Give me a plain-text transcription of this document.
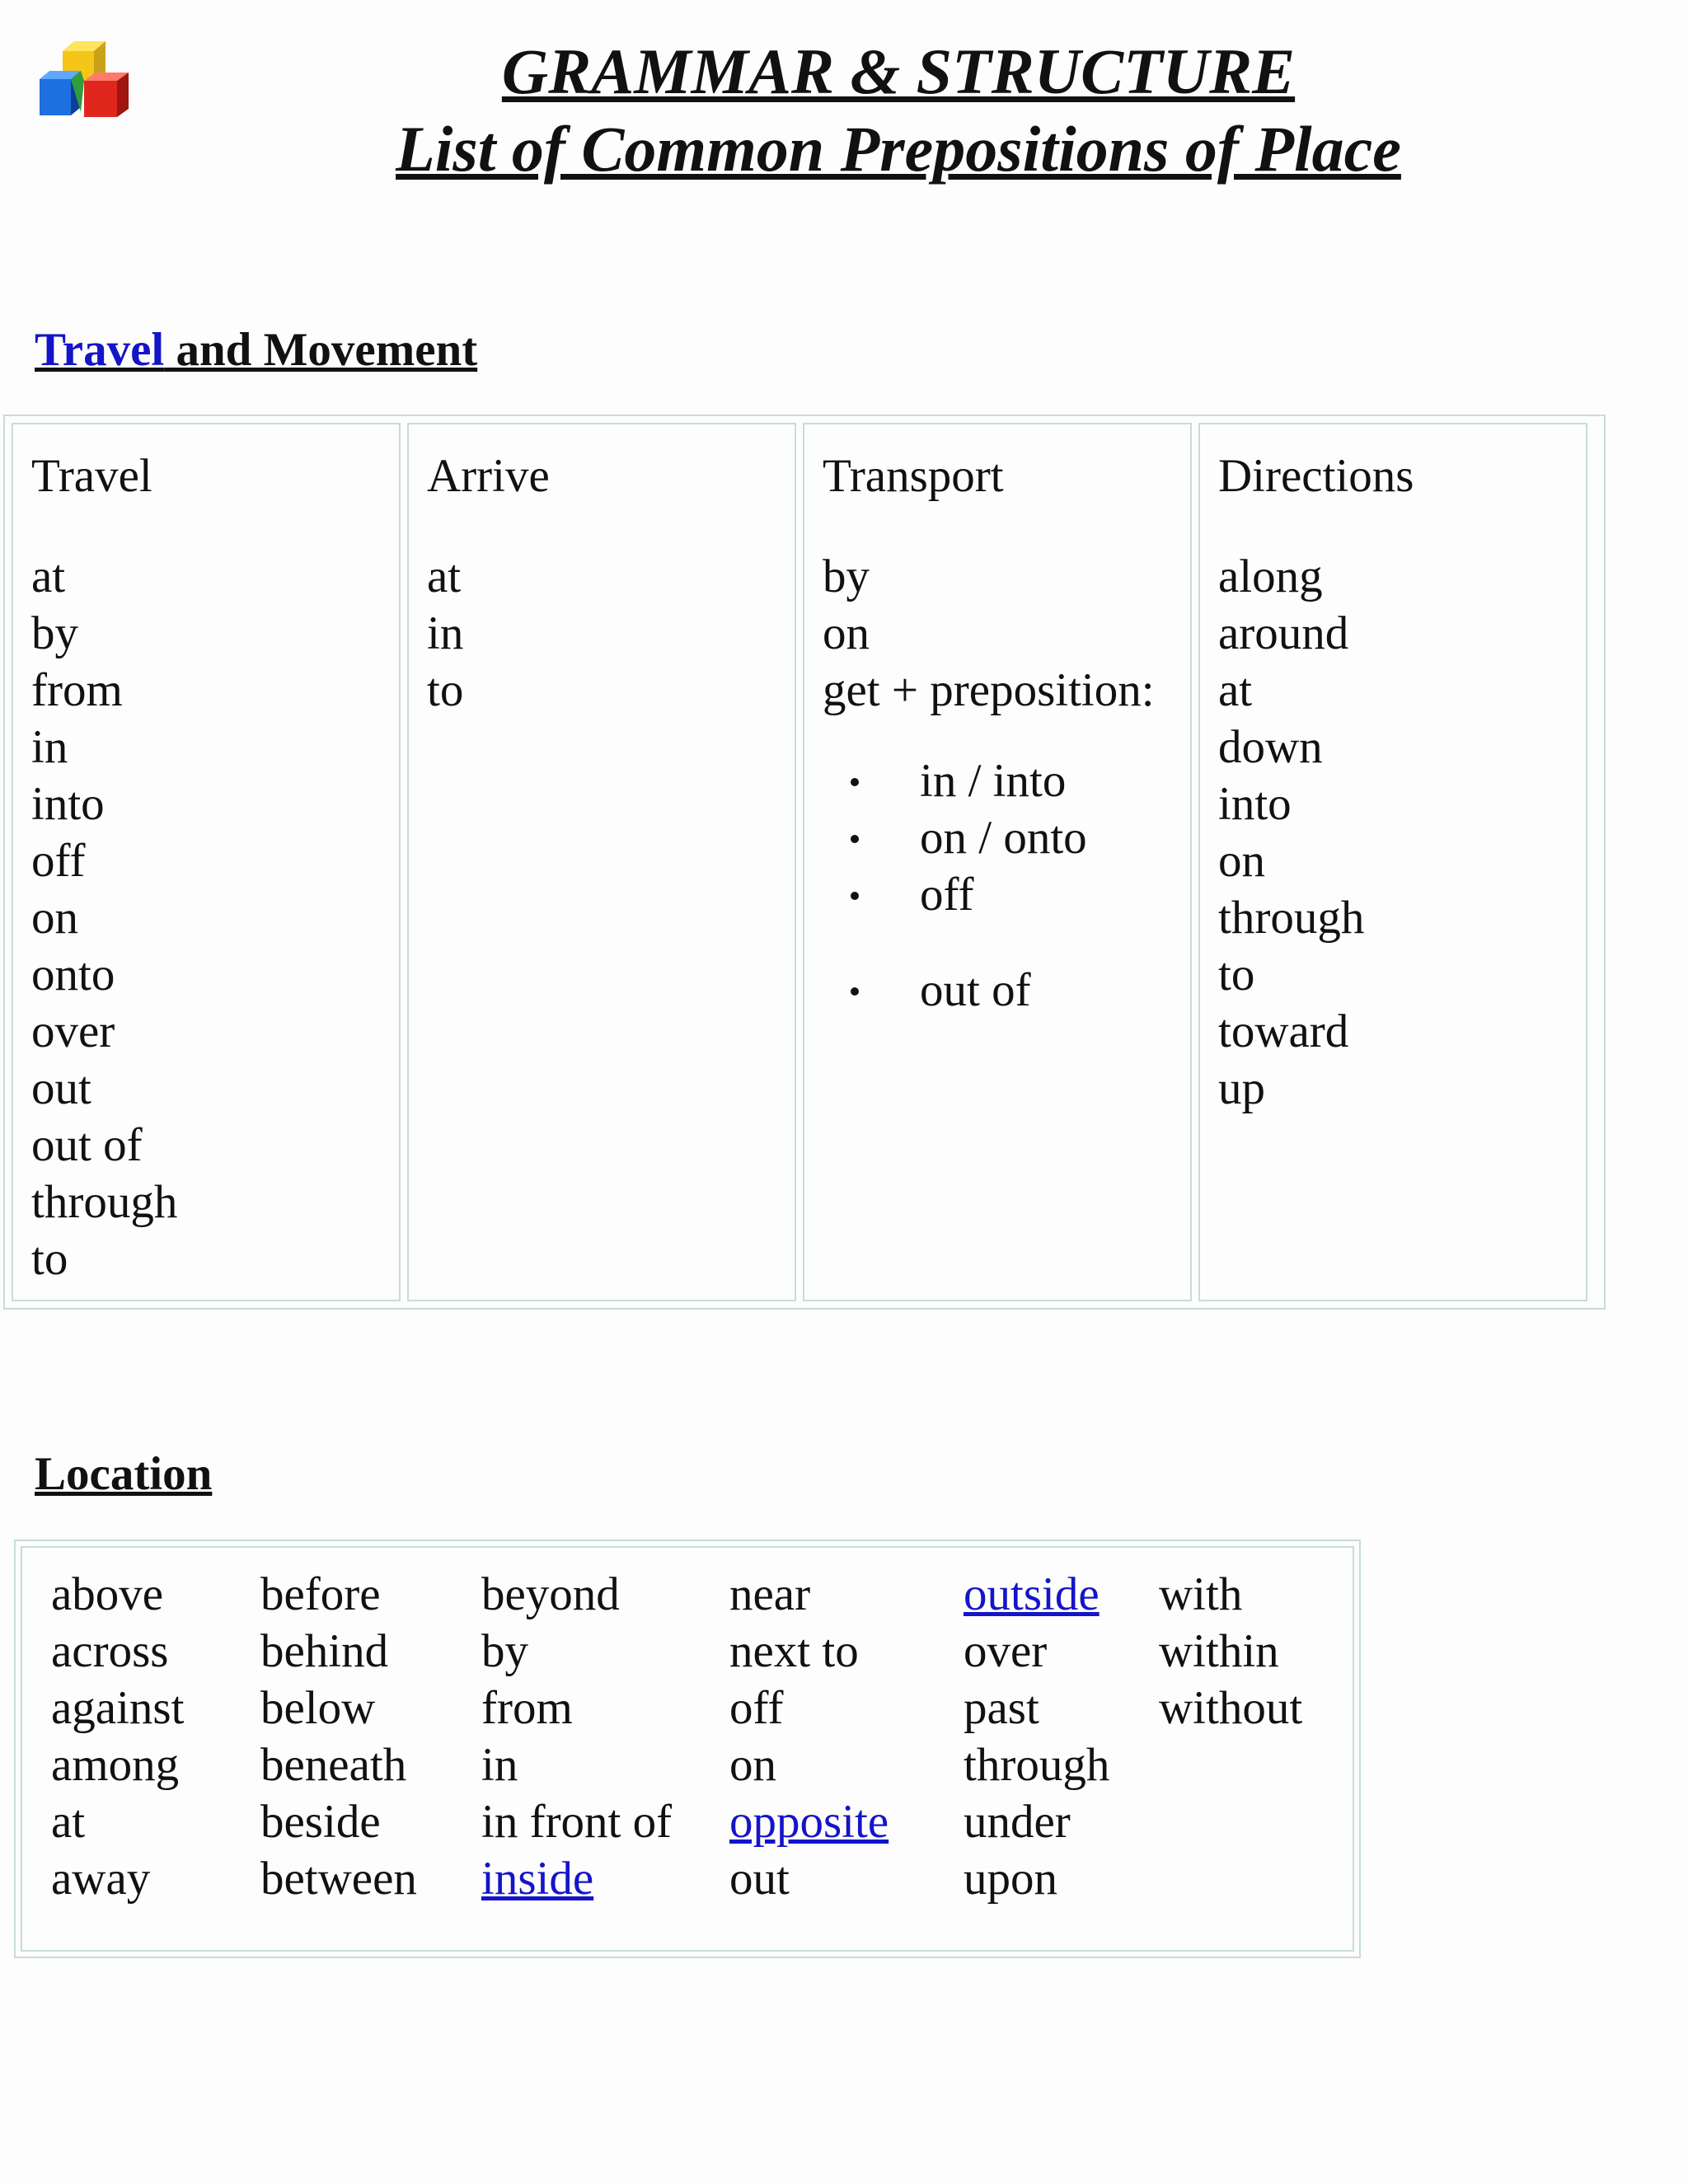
GRAMMAR & STRUCTURE
List of Common Prepositions of Place
Travel and Movement
Travel
at
by
from
in
into
off
on
onto
over
out
out of
through
to
Arrive
at
in
to
Transport
by
on
get + preposition:
Directions
along
around
at
down
into
on
through
to
toward
up
in / into
on / onto
off
out of
Location
above
across
against
among
at
away
before
behind
below
beneath
beside
between
beyond
by
from
in
in front of
inside
near
next to
off
on
opposite
out
outside
over
past
through
under
upon
with
within
without
